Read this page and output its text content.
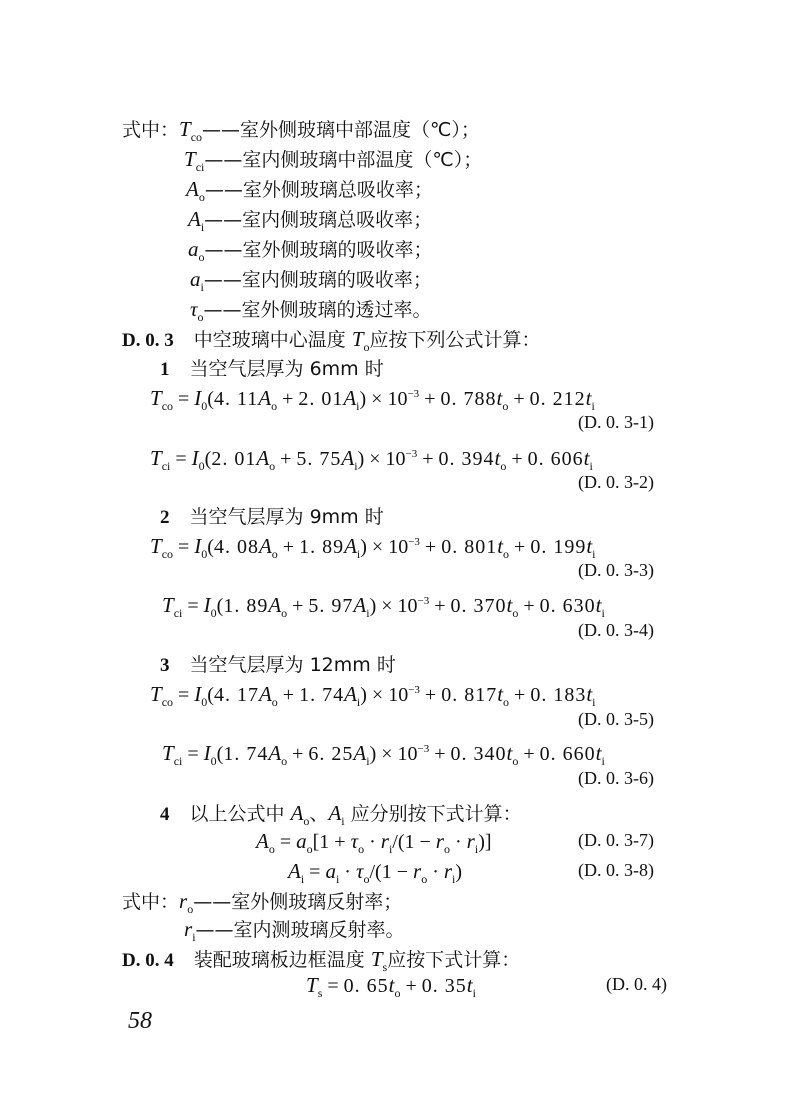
式中：$T_{co}——$室外侧玻璃中部温度（℃）；
$T_{ci}——$室内侧玻璃中部温度（℃）；
$A_o——$室外侧玻璃总吸收率；
$A_i——$室内侧玻璃总吸收率；
$a_o——$室外侧玻璃的吸收率；
$a_i——$室内侧玻璃的吸收率；
$\tau_o——$室外侧玻璃的透过率。
D. 0. 3 中空玻璃中心温度 $T_o$应按下列公式计算：
1 当空气层厚为 6mm 时
$T_{co} = I_0(4$. $11A_o + 2$. $01A_i) \times 10^{-3} + 0$. $788t_o + 0$. $212t_i$
(D. 0. 3-1)
$T_{ci} = I_0(2$. $01A_o + 5$. $75A_i) \times 10^{-3} + 0$. $394t_o + 0$. $606t_i$
(D. 0. 3-2)
2 当空气层厚为 9mm 时
$T_{co} = I_0(4$. $08A_o + 1$. $89A_i) \times 10^{-3} + 0$. $801t_o + 0$. $199t_i$
(D. 0. 3-3)
$T_{ci} = I_0(1$. $89A_o + 5$. $97A_i) \times 10^{-3} + 0$. $370t_o + 0$. $630t_i$
(D. 0. 3-4)
3 当空气层厚为 12mm 时
$T_{co} = I_0(4$. $17A_o + 1$. $74A_i) \times 10^{-3} + 0$. $817t_o + 0$. $183t_i$
(D. 0. 3-5)
$T_{ci} = I_0(1$. $74A_o + 6$. $25A_i) \times 10^{-3} + 0$. $340t_o + 0$. $660t_i$
(D. 0. 3-6)
4 以上公式中 $A_o$、$A_i$ 应分别按下式计算：
$A_o = a_o[1 + \tau_o \cdot r_i/(1 - r_o \cdot r_i)]$	(D. 0. 3-7)
$A_i = a_i \cdot \tau_o/(1 - r_o \cdot r_i)$	(D. 0. 3-8)
式中：$r_o——$室外侧玻璃反射率；
$r_i——$室内测玻璃反射率。
D. 0. 4 装配玻璃板边框温度 $T_s$应按下式计算：
$T_s = 0$. $65t_o + 0$. $35t_i$	(D. 0. 4)
58
